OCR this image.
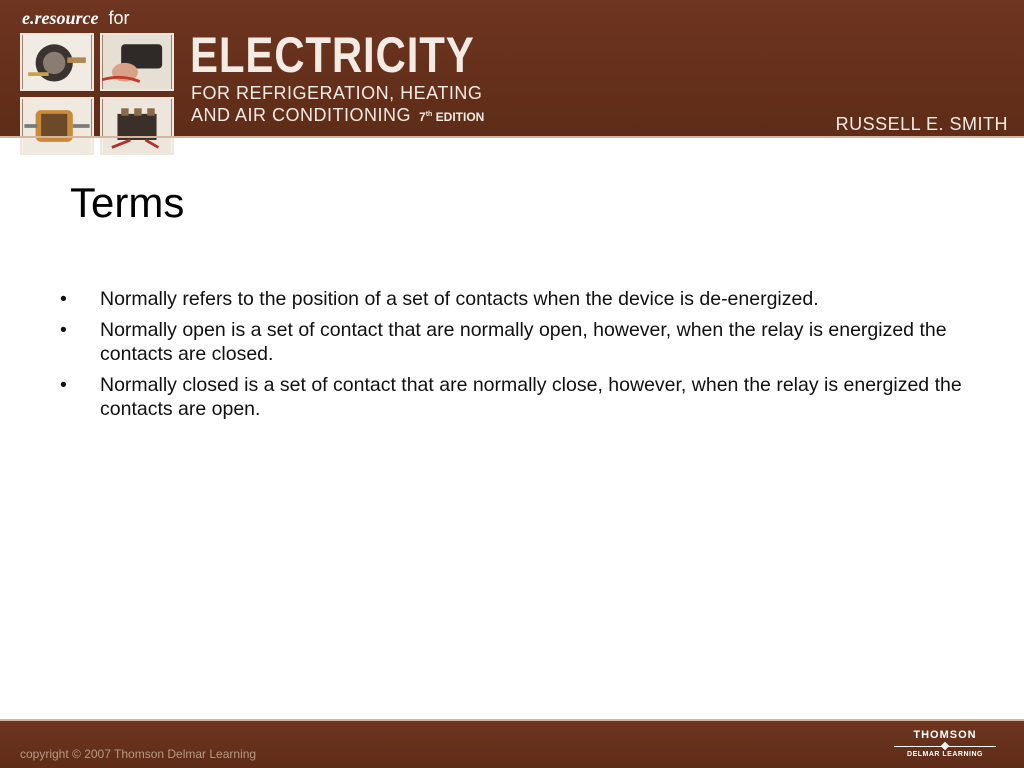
e.resource for
ELECTRICITY
FOR REFRIGERATION, HEATING
AND AIR CONDITIONING 7th EDITION	RUSSELL E. SMITH
Terms
• Normally refers to the position of a set of contacts when the device is de-energized.
• Normally open is a set of contact that are normally open, however, when the relay is energized the contacts are closed.
• Normally closed is a set of contact that are normally close, however, when the relay is energized the contacts are open.
copyright © 2007 Thomson Delmar Learning
THOMSON
DELMAR LEARNING
